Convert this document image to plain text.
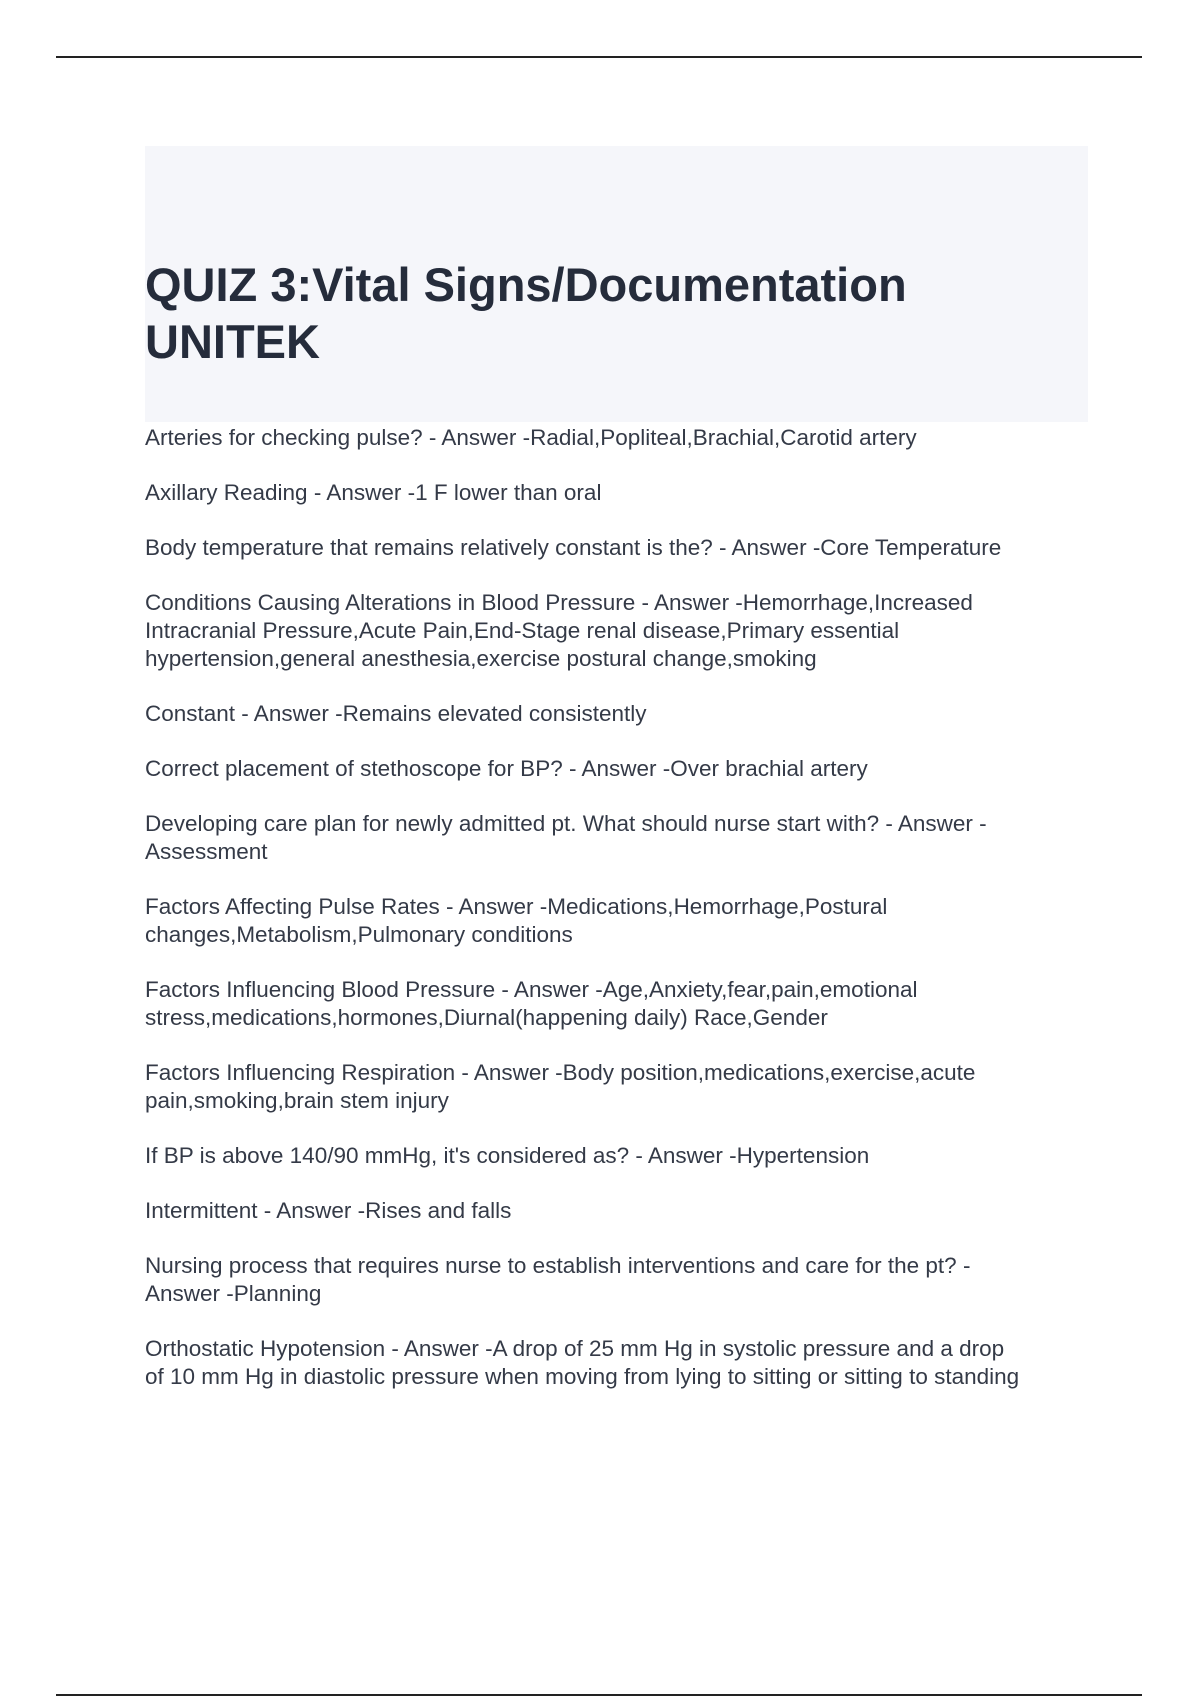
QUIZ 3:Vital Signs/Documentation
UNITEK
Arteries for checking pulse? - Answer -Radial,Popliteal,Brachial,Carotid artery
Axillary Reading - Answer -1 F lower than oral
Body temperature that remains relatively constant is the? - Answer -Core Temperature
Conditions Causing Alterations in Blood Pressure - Answer -Hemorrhage,Increased
Intracranial Pressure,Acute Pain,End-Stage renal disease,Primary essential
hypertension,general anesthesia,exercise postural change,smoking
Constant - Answer -Remains elevated consistently
Correct placement of stethoscope for BP? - Answer -Over brachial artery
Developing care plan for newly admitted pt. What should nurse start with? - Answer -
Assessment
Factors Affecting Pulse Rates - Answer -Medications,Hemorrhage,Postural
changes,Metabolism,Pulmonary conditions
Factors Influencing Blood Pressure - Answer -Age,Anxiety,fear,pain,emotional
stress,medications,hormones,Diurnal(happening daily) Race,Gender
Factors Influencing Respiration - Answer -Body position,medications,exercise,acute
pain,smoking,brain stem injury
If BP is above 140/90 mmHg, it's considered as? - Answer -Hypertension
Intermittent - Answer -Rises and falls
Nursing process that requires nurse to establish interventions and care for the pt? -
Answer -Planning
Orthostatic Hypotension - Answer -A drop of 25 mm Hg in systolic pressure and a drop
of 10 mm Hg in diastolic pressure when moving from lying to sitting or sitting to standing
